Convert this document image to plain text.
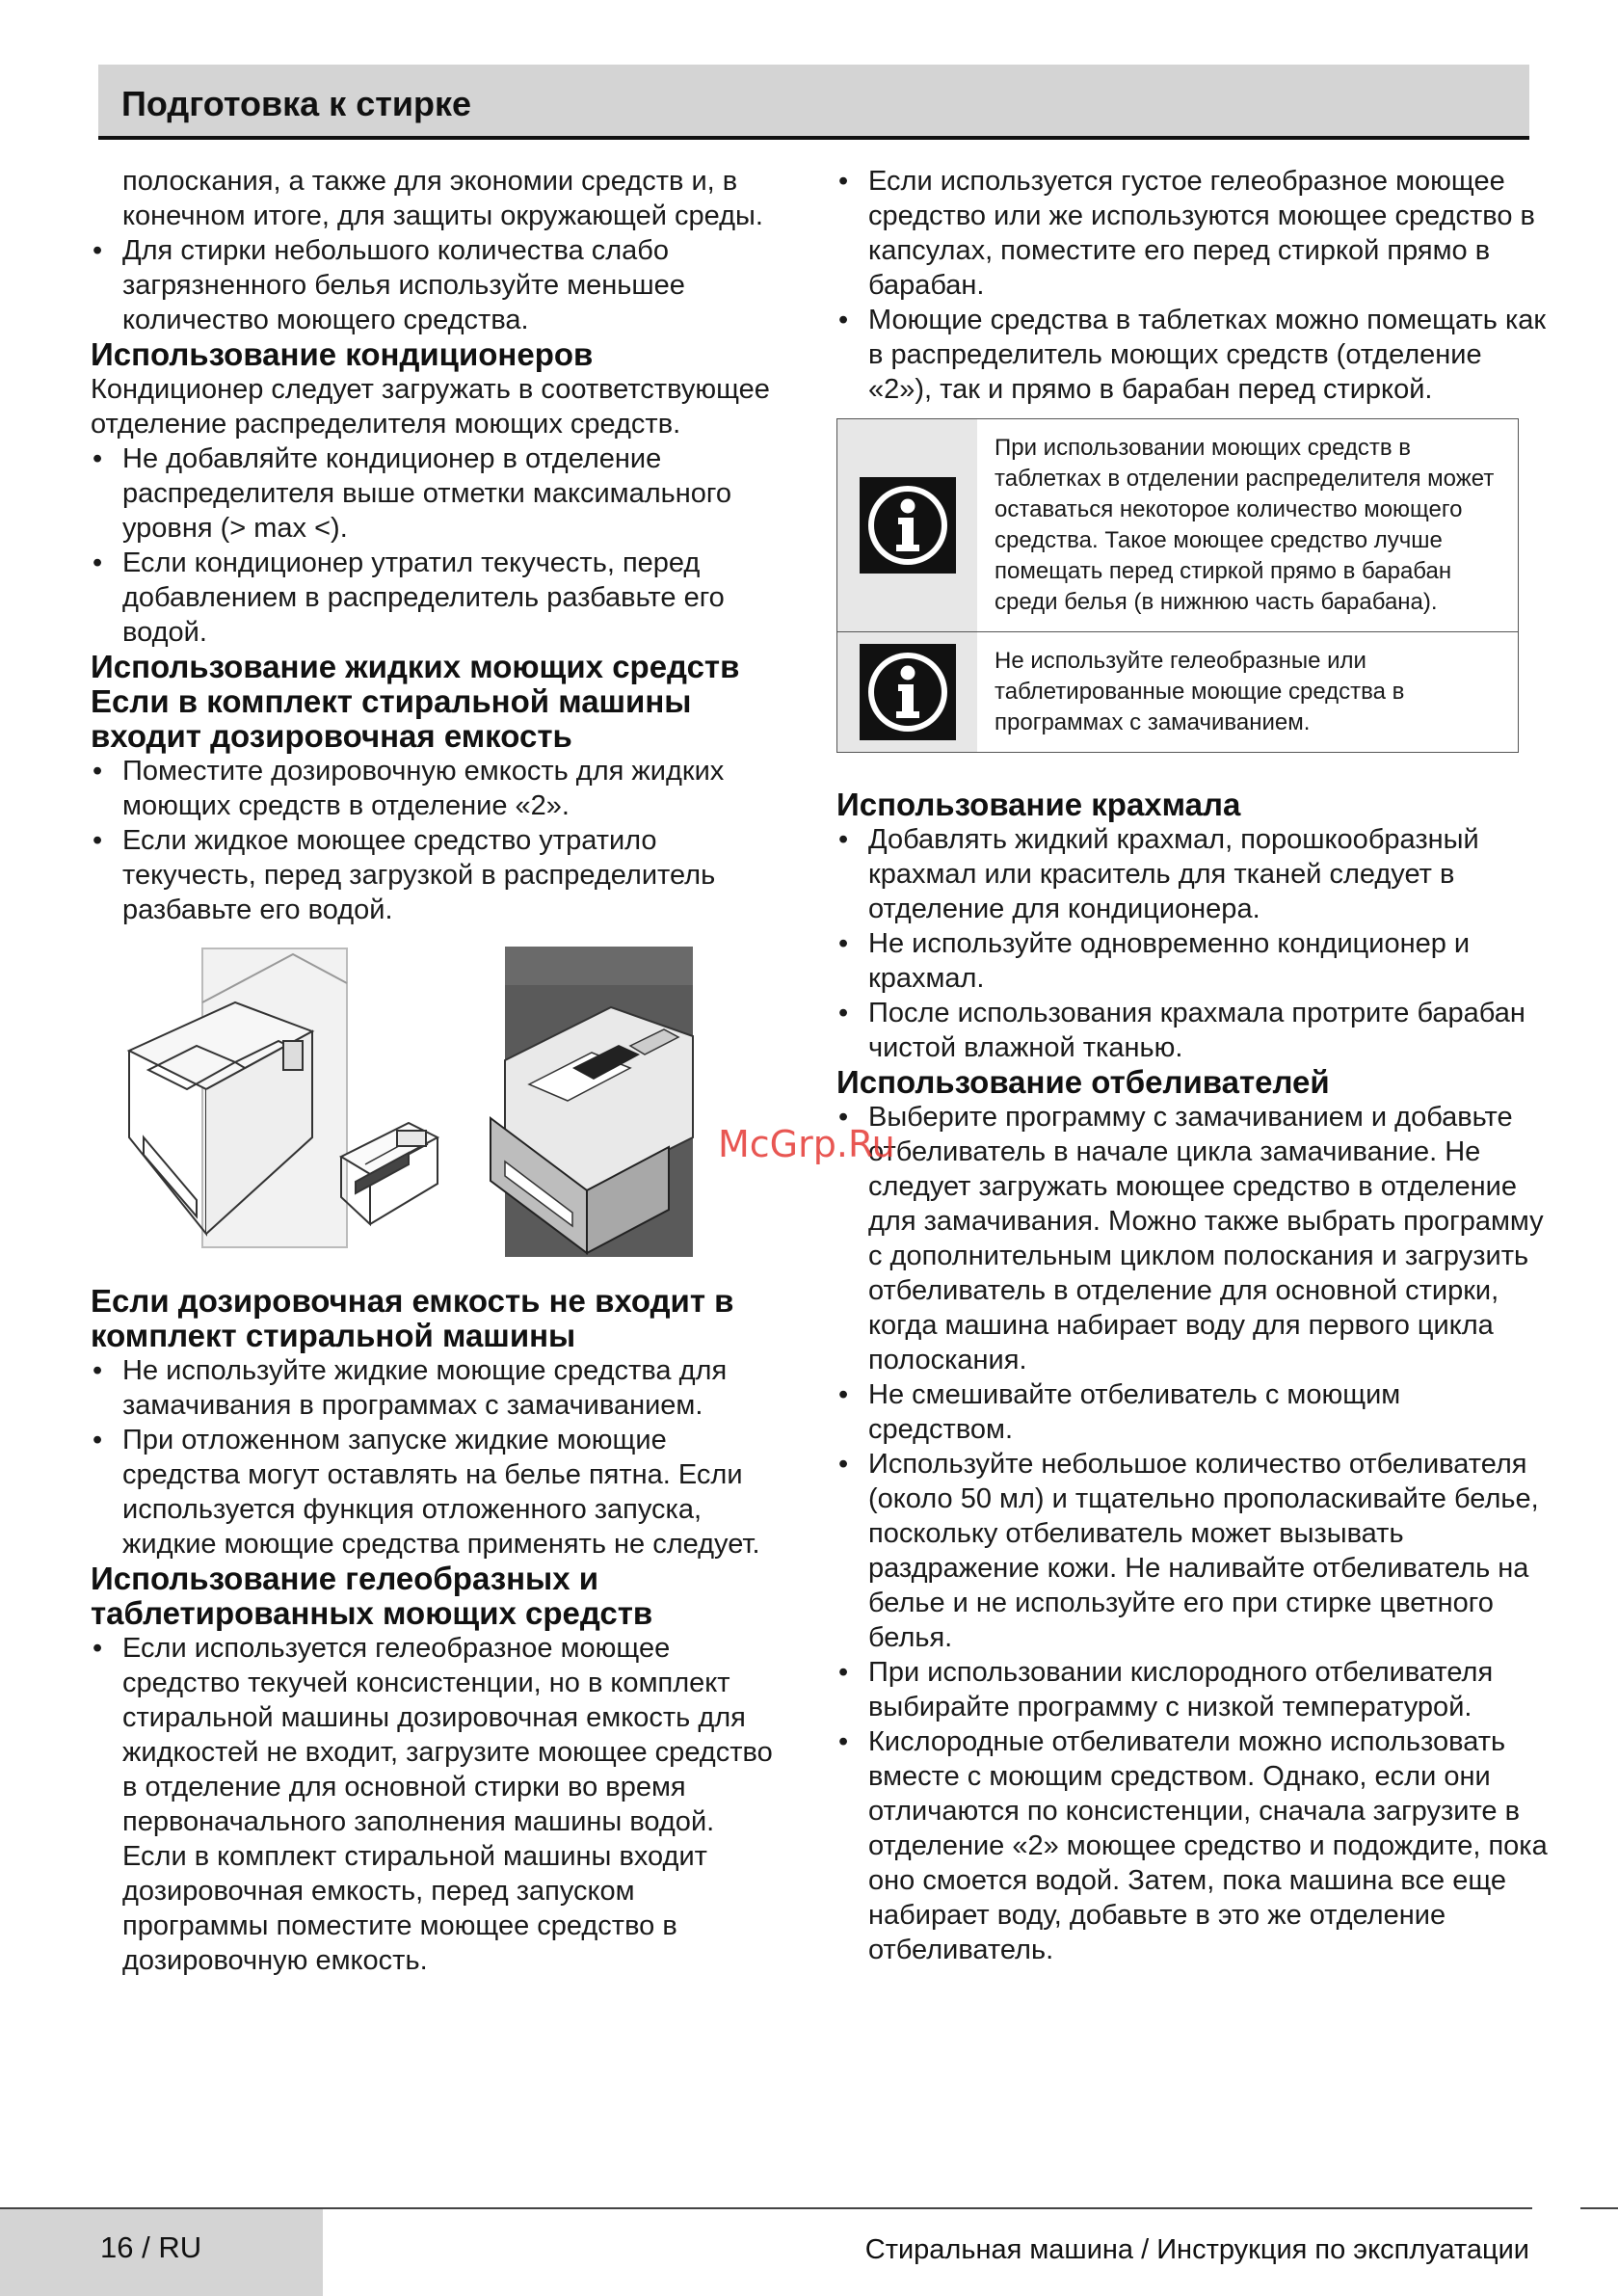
Подготовка к стирке
полоскания, а также для экономии средств и, в конечном итоге, для защиты окружающей среды.
• Для стирки небольшого количества слабо загрязненного белья используйте меньшее количество моющего средства.
Использование кондиционеров
Кондиционер следует загружать в соответствующее отделение распределителя моющих средств.
• Не добавляйте кондиционер в отделение распределителя выше отметки максимального уровня (> max <).
• Если кондиционер утратил текучесть, перед добавлением в распределитель разбавьте его водой.
Использование жидких моющих средств
Если в комплект стиральной машины входит дозировочная емкость
• Поместите дозировочную емкость для жидких моющих средств в отделение «2».
• Если жидкое моющее средство утратило текучесть, перед загрузкой в распределитель разбавьте его водой.
Если дозировочная емкость не входит в комплект стиральной машины
• Не используйте жидкие моющие средства для замачивания в программах с замачиванием.
• При отложенном запуске жидкие моющие средства могут оставлять на белье пятна. Если используется функция отложенного запуска, жидкие моющие средства применять не следует.
Использование гелеобразных и таблетированных моющих средств
• Если используется гелеобразное моющее средство текучей консистенции, но в комплект стиральной машины дозировочная емкость для жидкостей не входит, загрузите моющее средство в отделение для основной стирки во время первоначального заполнения машины водой. Если в комплект стиральной машины входит дозировочная емкость, перед запуском программы поместите моющее средство в дозировочную емкость.
• Если используется густое гелеобразное моющее средство или же используются моющее средство в капсулах, поместите его перед стиркой прямо в барабан.
• Моющие средства в таблетках можно помещать как в распределитель моющих средств (отделение «2»), так и прямо в барабан перед стиркой.
При использовании моющих средств в таблетках в отделении распределителя может оставаться некоторое количество моющего средства. Такое моющее средство лучше помещать перед стиркой прямо в барабан среди белья (в нижнюю часть барабана).
Не используйте гелеобразные или таблетированные моющие средства в программах с замачиванием.
Использование крахмала
• Добавлять жидкий крахмал, порошкообразный крахмал или краситель для тканей следует в отделение для кондиционера.
• Не используйте одновременно кондиционер и крахмал.
• После использования крахмала протрите барабан чистой влажной тканью.
Использование отбеливателей
• Выберите программу с замачиванием и добавьте отбеливатель в начале цикла замачивание. Не следует загружать моющее средство в отделение для замачивания. Можно также выбрать программу с дополнительным циклом полоскания и загрузить отбеливатель в отделение для основной стирки, когда машина набирает воду для первого цикла полоскания.
• Не смешивайте отбеливатель с моющим средством.
• Используйте небольшое количество отбеливателя (около 50 мл) и тщательно прополаскивайте белье, поскольку отбеливатель может вызывать раздражение кожи. Не наливайте отбеливатель на белье и не используйте его при стирке цветного белья.
• При использовании кислородного отбеливателя выбирайте программу с низкой температурой.
• Кислородные отбеливатели можно использовать вместе с моющим средством. Однако, если они отличаются по консистенции, сначала загрузите в отделение «2» моющее средство и подождите, пока оно смоется водой. Затем, пока машина все еще набирает воду, добавьте в это же отделение отбеливатель.
McGrp.Ru
16 / RU	Стиральная машина / Инструкция по эксплуатации
